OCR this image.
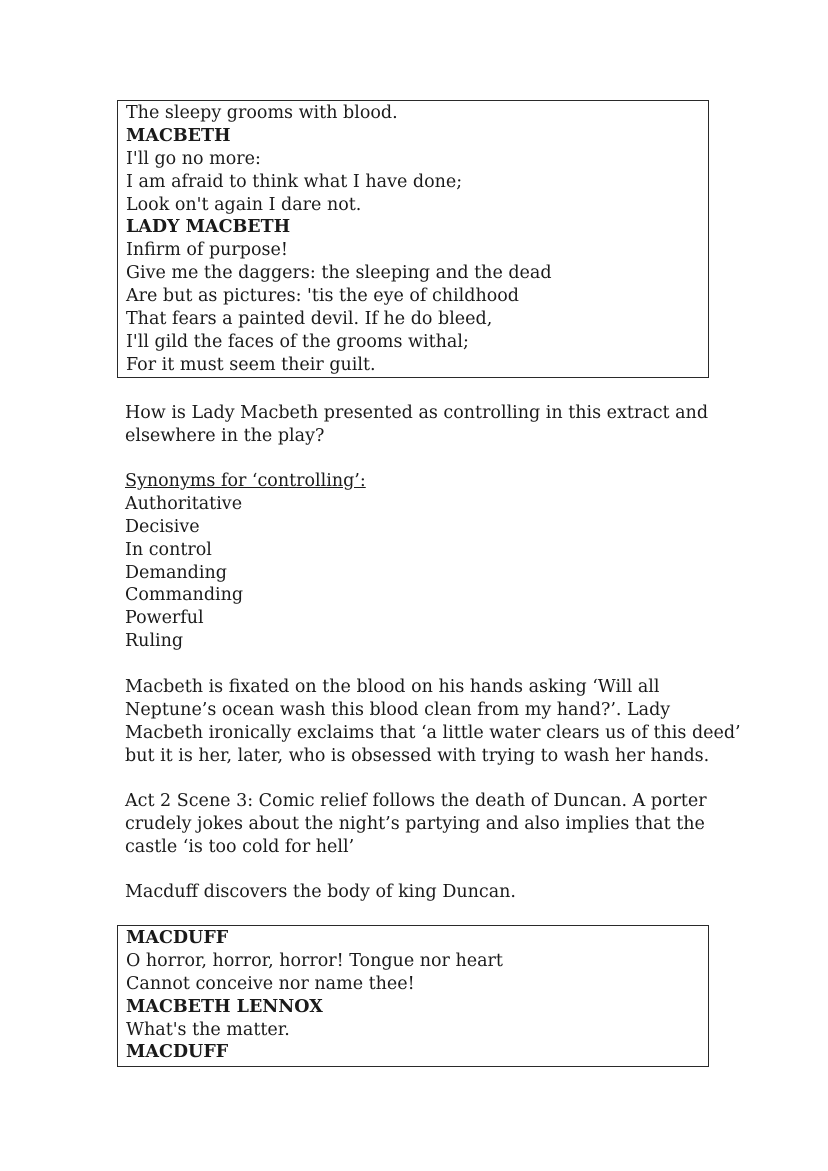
The sleepy grooms with blood.
MACBETH
I'll go no more:
I am afraid to think what I have done;
Look on't again I dare not.
LADY MACBETH
Infirm of purpose!
Give me the daggers: the sleeping and the dead
Are but as pictures: 'tis the eye of childhood
That fears a painted devil. If he do bleed,
I'll gild the faces of the grooms withal;
For it must seem their guilt.
How is Lady Macbeth presented as controlling in this extract and
elsewhere in the play?
Synonyms for ‘controlling’:
Authoritative
Decisive
In control
Demanding
Commanding
Powerful
Ruling
Macbeth is fixated on the blood on his hands asking ‘Will all
Neptune’s ocean wash this blood clean from my hand?’. Lady
Macbeth ironically exclaims that ‘a little water clears us of this deed’
but it is her, later, who is obsessed with trying to wash her hands.
Act 2 Scene 3: Comic relief follows the death of Duncan. A porter
crudely jokes about the night’s partying and also implies that the
castle ‘is too cold for hell’
Macduff discovers the body of king Duncan.
MACDUFF
O horror, horror, horror! Tongue nor heart
Cannot conceive nor name thee!
MACBETH LENNOX
What's the matter.
MACDUFF
